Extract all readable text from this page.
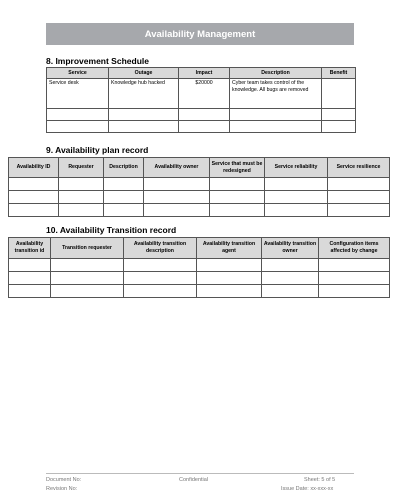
Availability Management
8. Improvement Schedule
Service	Outage	Impact	Description	Benefit
Service desk	Knowledge hub hacked	$20000	Cyber team takes control of the knowledge. All bugs are removed	

9. Availability plan record
Availability ID	Requester	Description	Availability owner	Service that must be redesigned	Service reliability	Service resilience

10. Availability Transition record
Availability transition id	Transition requester	Availability transition description	Availability transition agent	Availability transition owner	Configuration items affected by change

Document No:
Revision No:
Confidential	Sheet: 5 of 5
Issue Date: xx-xxx-xx
